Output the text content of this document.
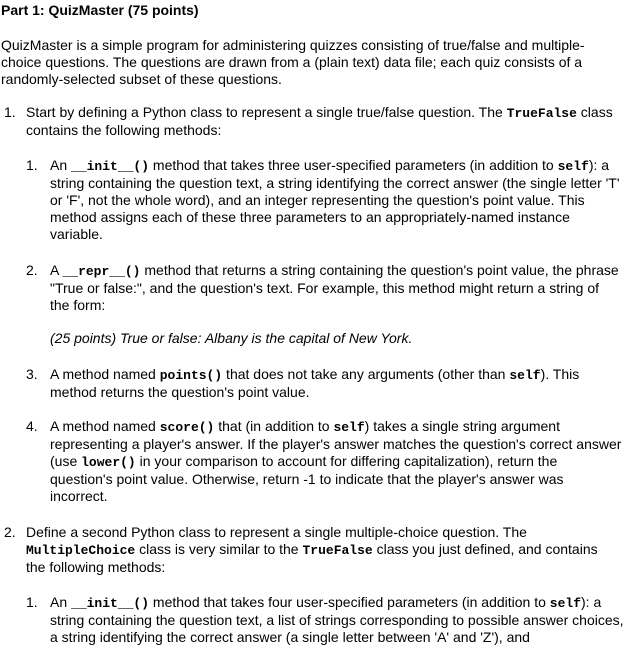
Part 1: QuizMaster (75 points)

QuizMaster is a simple program for administering quizzes consisting of true/false and multiple-choice questions. The questions are drawn from a (plain text) data file; each quiz consists of a randomly-selected subset of these questions.

1. Start by defining a Python class to represent a single true/false question. The TrueFalse class contains the following methods:

1. An __init__() method that takes three user-specified parameters (in addition to self): a string containing the question text, a string identifying the correct answer (the single letter 'T' or 'F', not the whole word), and an integer representing the question's point value. This method assigns each of these three parameters to an appropriately-named instance variable.

2. A __repr__() method that returns a string containing the question's point value, the phrase "True or false:", and the question's text. For example, this method might return a string of the form:

(25 points) True or false: Albany is the capital of New York.

3. A method named points() that does not take any arguments (other than self). This method returns the question's point value.

4. A method named score() that (in addition to self) takes a single string argument representing a player's answer. If the player's answer matches the question's correct answer (use lower() in your comparison to account for differing capitalization), return the question's point value. Otherwise, return -1 to indicate that the player's answer was incorrect.

2. Define a second Python class to represent a single multiple-choice question. The MultipleChoice class is very similar to the TrueFalse class you just defined, and contains the following methods:

1. An __init__() method that takes four user-specified parameters (in addition to self): a string containing the question text, a list of strings corresponding to possible answer choices, a string identifying the correct answer (a single letter between 'A' and 'Z'), and
